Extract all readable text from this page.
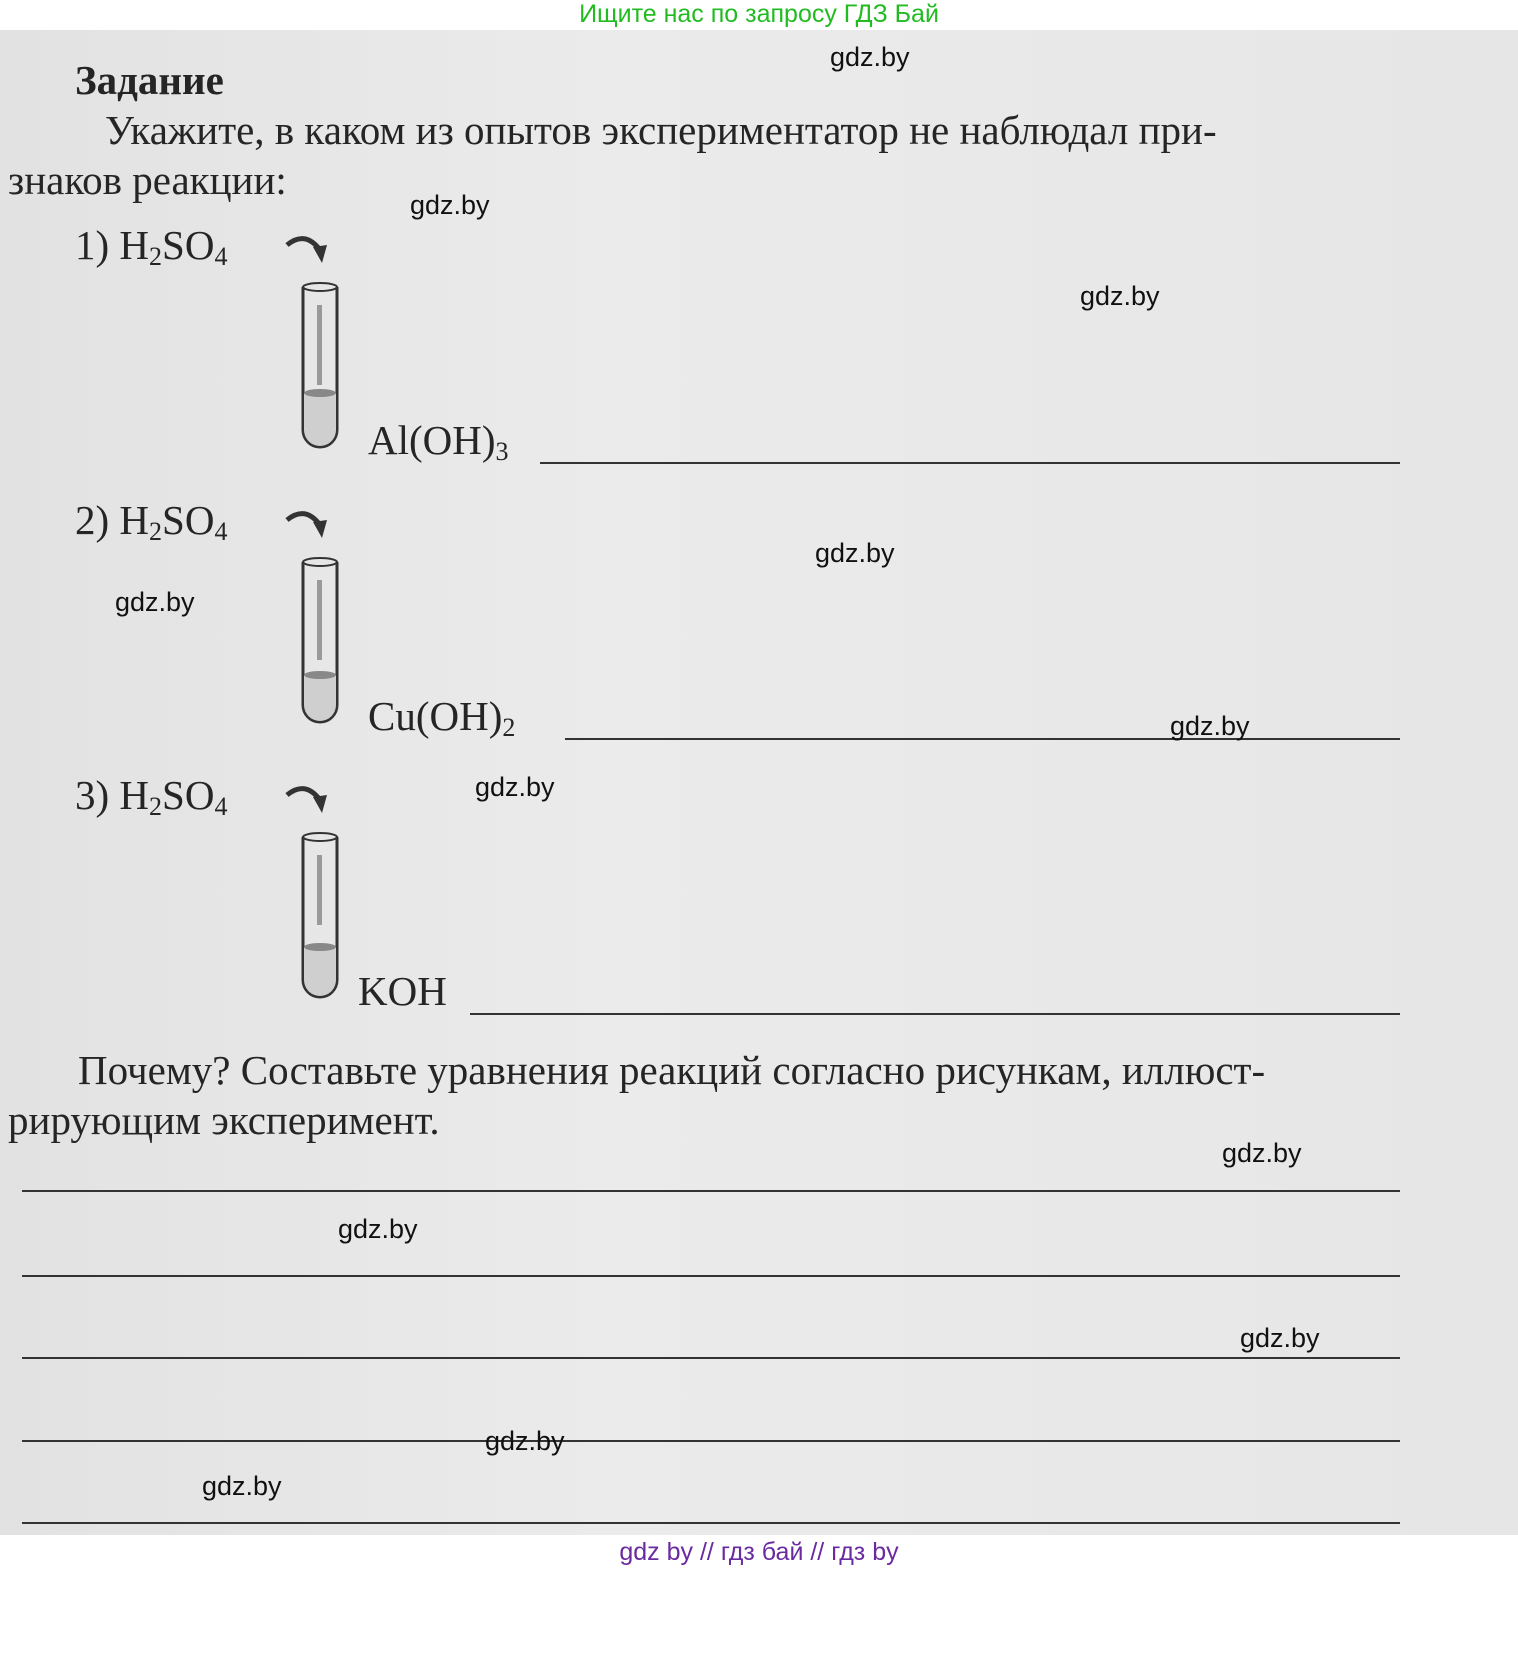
Ищите нас по запросу ГДЗ Бай
Задание
Укажите, в каком из опытов экспериментатор не наблюдал при-
знаков реакции:
1) $H_2SO_4$
$Al(OH)_3$
2) $H_2SO_4$
$Cu(OH)_2$
3) $H_2SO_4$
KOH
Почему? Составьте уравнения реакций согласно рисункам, иллюст-
рирующим эксперимент.
gdz.by
gdz.by
gdz.by
gdz.by
gdz.by
gdz.by
gdz.by
gdz.by
gdz.by
gdz.by
gdz.by
gdz.by
gdz by // гдз бай // гдз by
